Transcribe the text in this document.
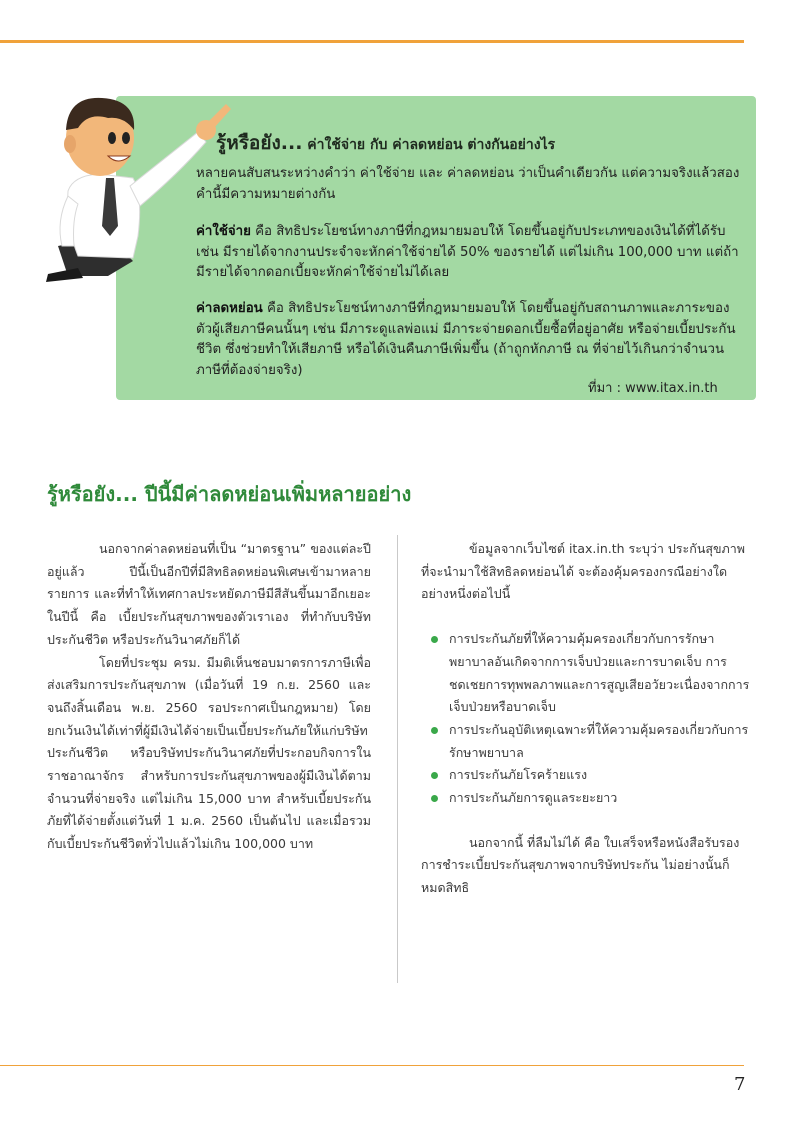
รู้หรือยัง... ค่าใช้จ่าย กับ ค่าลดหย่อน ต่างกันอย่างไร
หลายคนสับสนระหว่างคำว่า ค่าใช้จ่าย และ ค่าลดหย่อน ว่าเป็นคำเดียวกัน แต่ความจริงแล้วสองคำนี้มีความหมายต่างกัน
ค่าใช้จ่าย คือ สิทธิประโยชน์ทางภาษีที่กฎหมายมอบให้ โดยขึ้นอยู่กับประเภทของเงินได้ที่ได้รับ เช่น มีรายได้จากงานประจำจะหักค่าใช้จ่ายได้ 50% ของรายได้ แต่ไม่เกิน 100,000 บาท แต่ถ้ามีรายได้จากดอกเบี้ยจะหักค่าใช้จ่ายไม่ได้เลย
ค่าลดหย่อน คือ สิทธิประโยชน์ทางภาษีที่กฎหมายมอบให้ โดยขึ้นอยู่กับสถานภาพและภาระของตัวผู้เสียภาษีคนนั้นๆ เช่น มีภาระดูแลพ่อแม่ มีภาระจ่ายดอกเบี้ยซื้อที่อยู่อาศัย หรือจ่ายเบี้ยประกันชีวิต ซึ่งช่วยทำให้เสียภาษี หรือได้เงินคืนภาษีเพิ่มขึ้น (ถ้าถูกหักภาษี ณ ที่จ่ายไว้เกินกว่าจำนวนภาษีที่ต้องจ่ายจริง)
ที่มา : www.itax.in.th
รู้หรือยัง... ปีนี้มีค่าลดหย่อนเพิ่มหลายอย่าง

นอกจากค่าลดหย่อนที่เป็น “มาตรฐาน” ของแต่ละปีอยู่แล้ว ปีนี้เป็นอีกปีที่มีสิทธิลดหย่อนพิเศษเข้ามาหลายรายการ และที่ทำให้เทศกาลประหยัดภาษีมีสีสันขึ้นมาอีกเยอะในปีนี้ คือ เบี้ยประกันสุขภาพของตัวเราเอง ที่ทำกับบริษัทประกันชีวิต หรือประกันวินาศภัยก็ได้

โดยที่ประชุม ครม. มีมติเห็นชอบมาตรการภาษีเพื่อส่งเสริมการประกันสุขภาพ (เมื่อวันที่ 19 ก.ย. 2560 และจนถึงสิ้นเดือน พ.ย. 2560 รอประกาศเป็นกฎหมาย) โดยยกเว้นเงินได้เท่าที่ผู้มีเงินได้จ่ายเป็นเบี้ยประกันภัยให้แก่บริษัทประกันชีวิต หรือบริษัทประกันวินาศภัยที่ประกอบกิจการในราชอาณาจักร สำหรับการประกันสุขภาพของผู้มีเงินได้ตามจำนวนที่จ่ายจริง แต่ไม่เกิน 15,000 บาท สำหรับเบี้ยประกันภัยที่ได้จ่ายตั้งแต่วันที่ 1 ม.ค. 2560 เป็นต้นไป และเมื่อรวมกับเบี้ยประกันชีวิตทั่วไปแล้วไม่เกิน 100,000 บาท

ข้อมูลจากเว็บไซต์ itax.in.th ระบุว่า ประกันสุขภาพที่จะนำมาใช้สิทธิลดหย่อนได้ จะต้องคุ้มครองกรณีอย่างใดอย่างหนึ่งต่อไปนี้

การประกันภัยที่ให้ความคุ้มครองเกี่ยวกับการรักษาพยาบาลอันเกิดจากการเจ็บป่วยและการบาดเจ็บ การชดเชยการทุพพลภาพและการสูญเสียอวัยวะเนื่องจากการเจ็บป่วยหรือบาดเจ็บ
การประกันอุบัติเหตุเฉพาะที่ให้ความคุ้มครองเกี่ยวกับการรักษาพยาบาล
การประกันภัยโรคร้ายแรง
การประกันภัยการดูแลระยะยาว

นอกจากนี้ ที่ลืมไม่ได้ คือ ใบเสร็จหรือหนังสือรับรองการชำระเบี้ยประกันสุขภาพจากบริษัทประกัน ไม่อย่างนั้นก็หมดสิทธิ

7
